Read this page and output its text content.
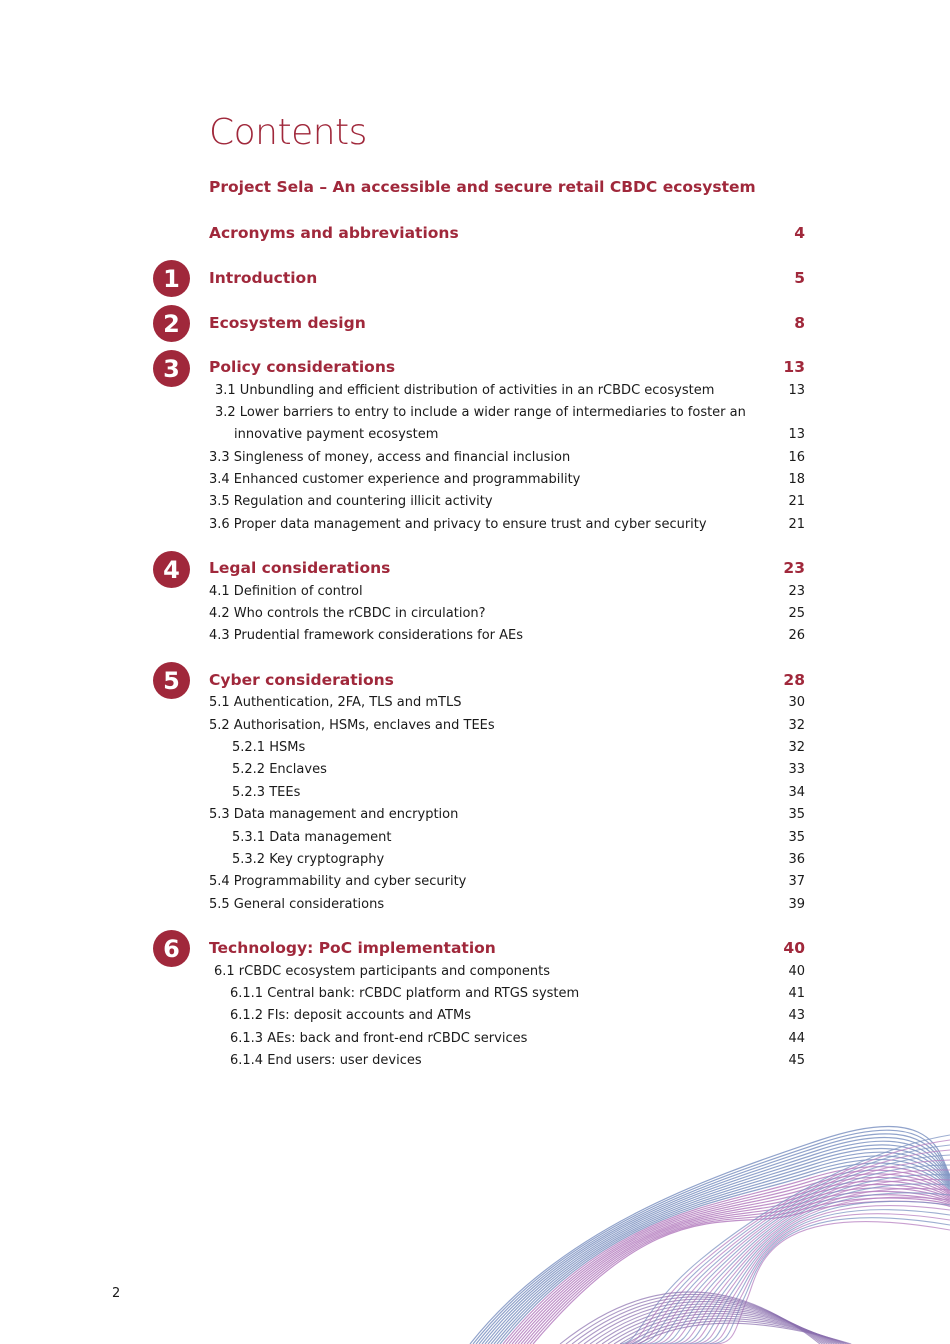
Contents
Project Sela – An accessible and secure retail CBDC ecosystem
Acronyms and abbreviations	4
1 Introduction	5
2 Ecosystem design	8
3 Policy considerations	13
3.1 Unbundling and efficient distribution of activities in an rCBDC ecosystem	13
3.2 Lower barriers to entry to include a wider range of intermediaries to foster an
innovative payment ecosystem	13
3.3 Singleness of money, access and financial inclusion	16
3.4 Enhanced customer experience and programmability	18
3.5 Regulation and countering illicit activity	21
3.6 Proper data management and privacy to ensure trust and cyber security	21
4 Legal considerations	23
4.1 Definition of control	23
4.2 Who controls the rCBDC in circulation?	25
4.3 Prudential framework considerations for AEs	26
5 Cyber considerations	28
5.1 Authentication, 2FA, TLS and mTLS	30
5.2 Authorisation, HSMs, enclaves and TEEs	32
5.2.1 HSMs	32
5.2.2 Enclaves	33
5.2.3 TEEs	34
5.3 Data management and encryption	35
5.3.1 Data management	35
5.3.2 Key cryptography	36
5.4 Programmability and cyber security	37
5.5 General considerations	39
6 Technology: PoC implementation	40
6.1 rCBDC ecosystem participants and components	40
6.1.1 Central bank: rCBDC platform and RTGS system	41
6.1.2 FIs: deposit accounts and ATMs	43
6.1.3 AEs: back and front-end rCBDC services	44
6.1.4 End users: user devices	45
2
